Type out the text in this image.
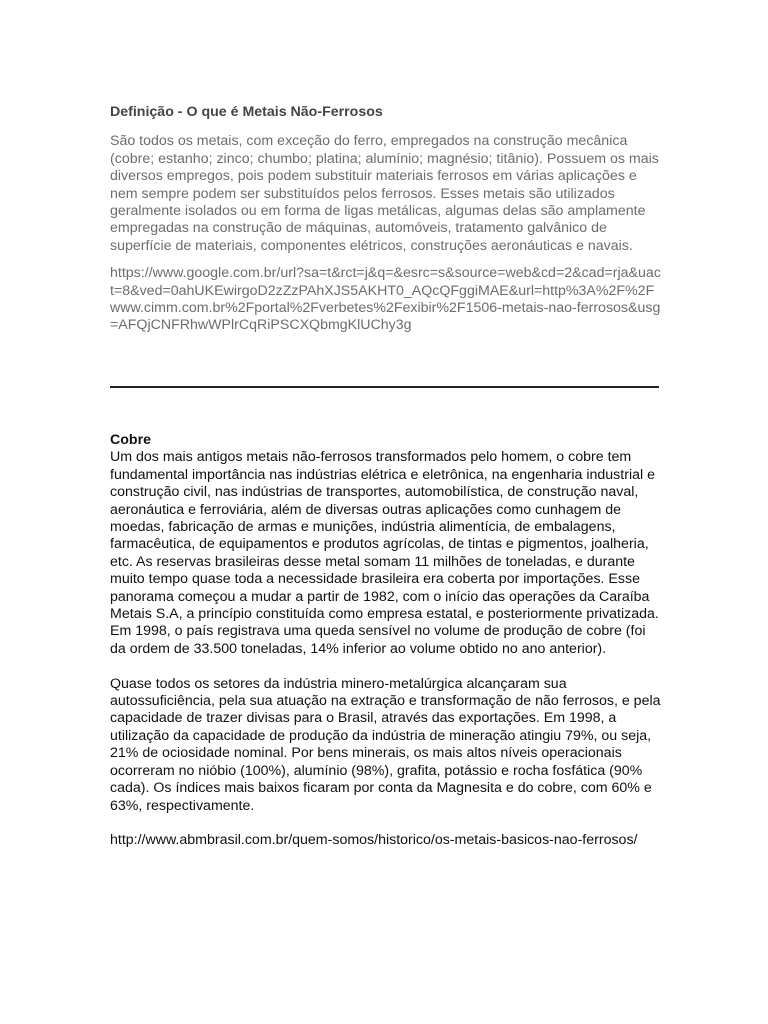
Definição - O que é Metais Não-Ferrosos

São todos os metais, com exceção do ferro, empregados na construção mecânica (cobre; estanho; zinco; chumbo; platina; alumínio; magnésio; titânio). Possuem os mais diversos empregos, pois podem substituir materiais ferrosos em várias aplicações e nem sempre podem ser substituídos pelos ferrosos. Esses metais são utilizados geralmente isolados ou em forma de ligas metálicas, algumas delas são amplamente empregadas na construção de máquinas, automóveis, tratamento galvânico de superfície de materiais, componentes elétricos, construções aeronáuticas e navais.

https://www.google.com.br/url?sa=t&rct=j&q=&esrc=s&source=web&cd=2&cad=rja&uact=8&ved=0ahUKEwirgoD2zZzPAhXJS5AKHT0_AQcQFggiMAE&url=http%3A%2F%2Fwww.cimm.com.br%2Fportal%2Fverbetes%2Fexibir%2F1506-metais-nao-ferrosos&usg=AFQjCNFRhwWPlrCqRiPSCXQbmgKlUChy3g

Cobre

Um dos mais antigos metais não-ferrosos transformados pelo homem, o cobre tem fundamental importância nas indústrias elétrica e eletrônica, na engenharia industrial e construção civil, nas indústrias de transportes, automobilística, de construção naval, aeronáutica e ferroviária, além de diversas outras aplicações como cunhagem de moedas, fabricação de armas e munições, indústria alimentícia, de embalagens, farmacêutica, de equipamentos e produtos agrícolas, de tintas e pigmentos, joalheria, etc. As reservas brasileiras desse metal somam 11 milhões de toneladas, e durante muito tempo quase toda a necessidade brasileira era coberta por importações. Esse panorama começou a mudar a partir de 1982, com o início das operações da Caraíba Metais S.A, a princípio constituída como empresa estatal, e posteriormente privatizada. Em 1998, o país registrava uma queda sensível no volume de produção de cobre (foi da ordem de 33.500 toneladas, 14% inferior ao volume obtido no ano anterior).

Quase todos os setores da indústria minero-metalúrgica alcançaram sua autossuficiência, pela sua atuação na extração e transformação de não ferrosos, e pela capacidade de trazer divisas para o Brasil, através das exportações. Em 1998, a utilização da capacidade de produção da indústria de mineração atingiu 79%, ou seja, 21% de ociosidade nominal. Por bens minerais, os mais altos níveis operacionais ocorreram no nióbio (100%), alumínio (98%), grafita, potássio e rocha fosfática (90% cada). Os índices mais baixos ficaram por conta da Magnesita e do cobre, com 60% e 63%, respectivamente.

http://www.abmbrasil.com.br/quem-somos/historico/os-metais-basicos-nao-ferrosos/
